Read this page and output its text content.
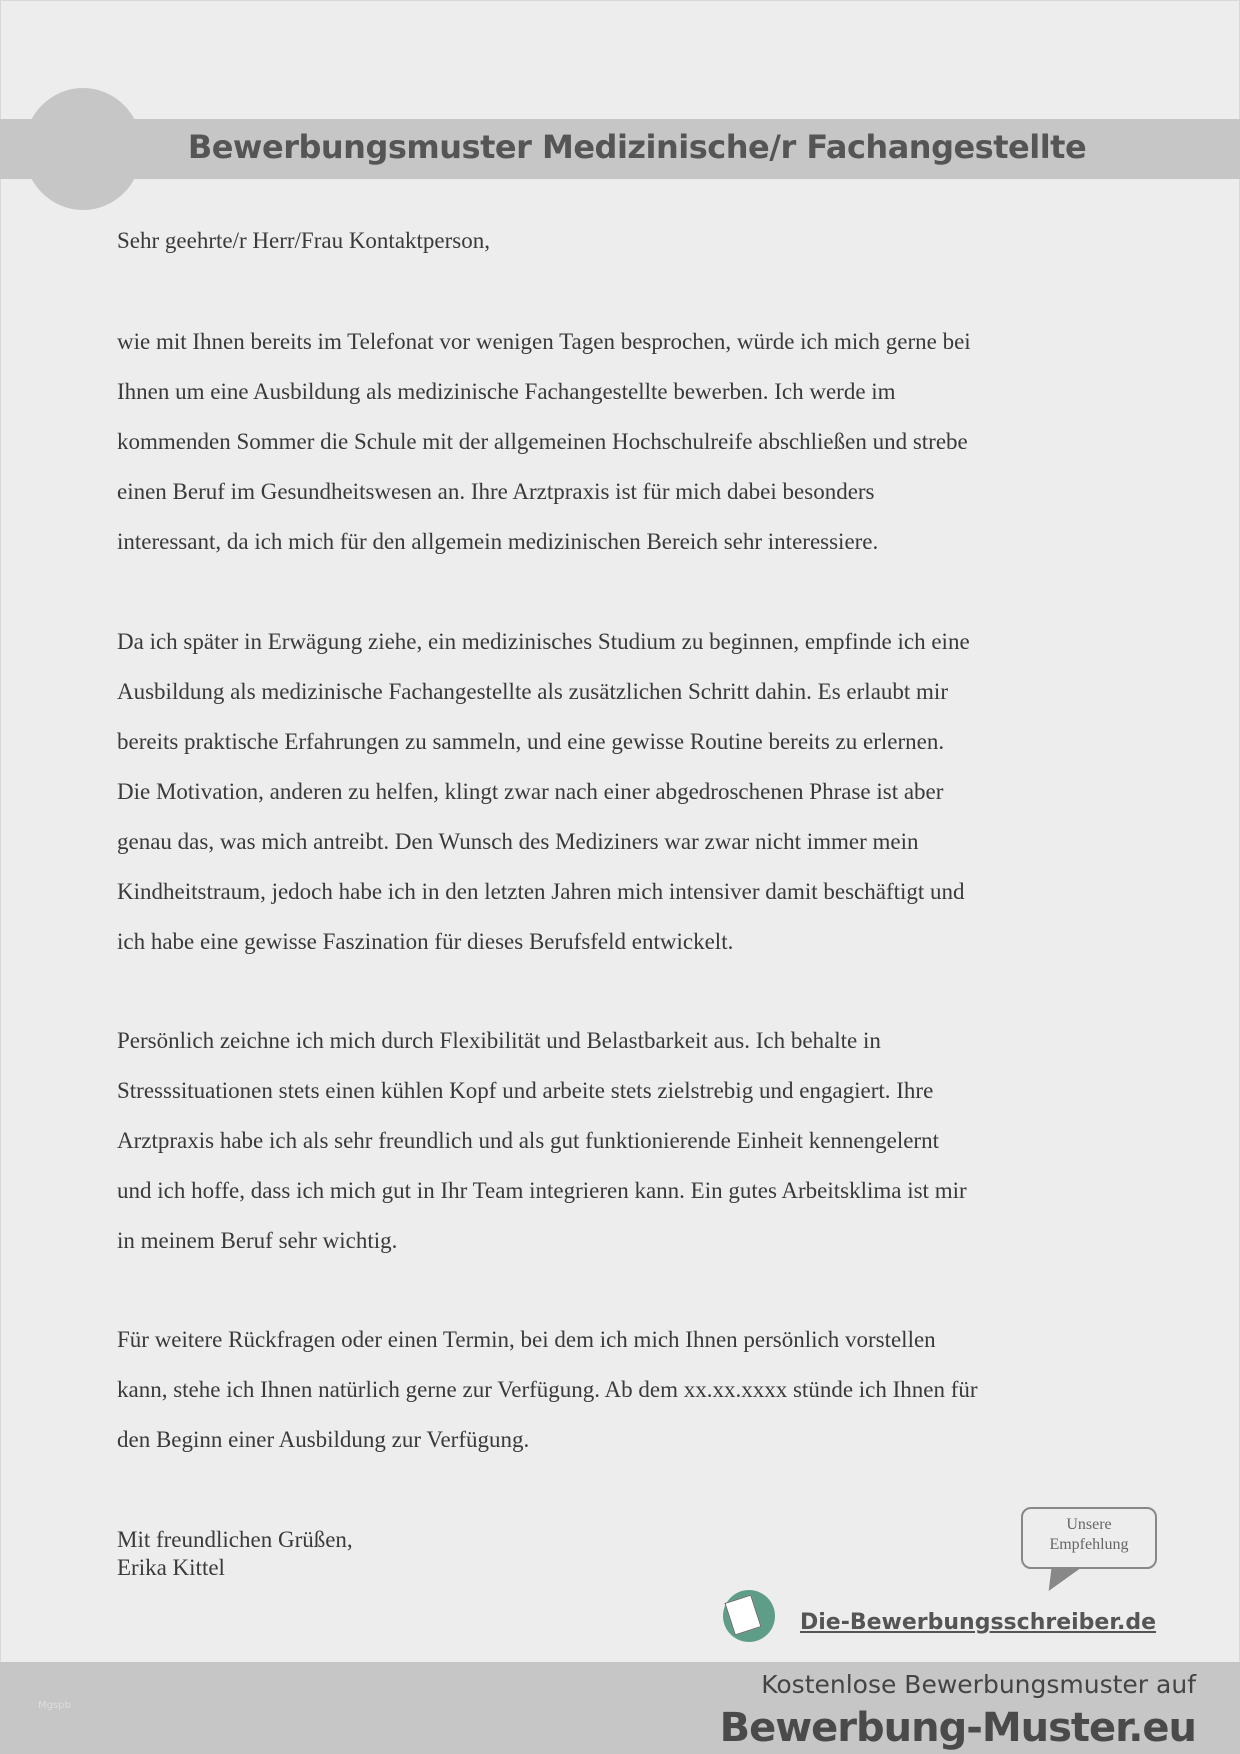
Bewerbungsmuster Medizinische/r Fachangestellte
Sehr geehrte/r Herr/Frau Kontaktperson,
wie mit Ihnen bereits im Telefonat vor wenigen Tagen besprochen, würde ich mich gerne bei
Ihnen um eine Ausbildung als medizinische Fachangestellte bewerben. Ich werde im
kommenden Sommer die Schule mit der allgemeinen Hochschulreife abschließen und strebe
einen Beruf im Gesundheitswesen an. Ihre Arztpraxis ist für mich dabei besonders
interessant, da ich mich für den allgemein medizinischen Bereich sehr interessiere.
Da ich später in Erwägung ziehe, ein medizinisches Studium zu beginnen, empfinde ich eine
Ausbildung als medizinische Fachangestellte als zusätzlichen Schritt dahin. Es erlaubt mir
bereits praktische Erfahrungen zu sammeln, und eine gewisse Routine bereits zu erlernen.
Die Motivation, anderen zu helfen, klingt zwar nach einer abgedroschenen Phrase ist aber
genau das, was mich antreibt. Den Wunsch des Mediziners war zwar nicht immer mein
Kindheitstraum, jedoch habe ich in den letzten Jahren mich intensiver damit beschäftigt und
ich habe eine gewisse Faszination für dieses Berufsfeld entwickelt.
Persönlich zeichne ich mich durch Flexibilität und Belastbarkeit aus. Ich behalte in
Stresssituationen stets einen kühlen Kopf und arbeite stets zielstrebig und engagiert. Ihre
Arztpraxis habe ich als sehr freundlich und als gut funktionierende Einheit kennengelernt
und ich hoffe, dass ich mich gut in Ihr Team integrieren kann. Ein gutes Arbeitsklima ist mir
in meinem Beruf sehr wichtig.
Für weitere Rückfragen oder einen Termin, bei dem ich mich Ihnen persönlich vorstellen
kann, stehe ich Ihnen natürlich gerne zur Verfügung. Ab dem xx.xx.xxxx stünde ich Ihnen für
den Beginn einer Ausbildung zur Verfügung.
Mit freundlichen Grüßen,
Erika Kittel
Unsere
Empfehlung
Die-Bewerbungsschreiber.de
Mgspb
Kostenlose Bewerbungsmuster auf
Bewerbung-Muster.eu
